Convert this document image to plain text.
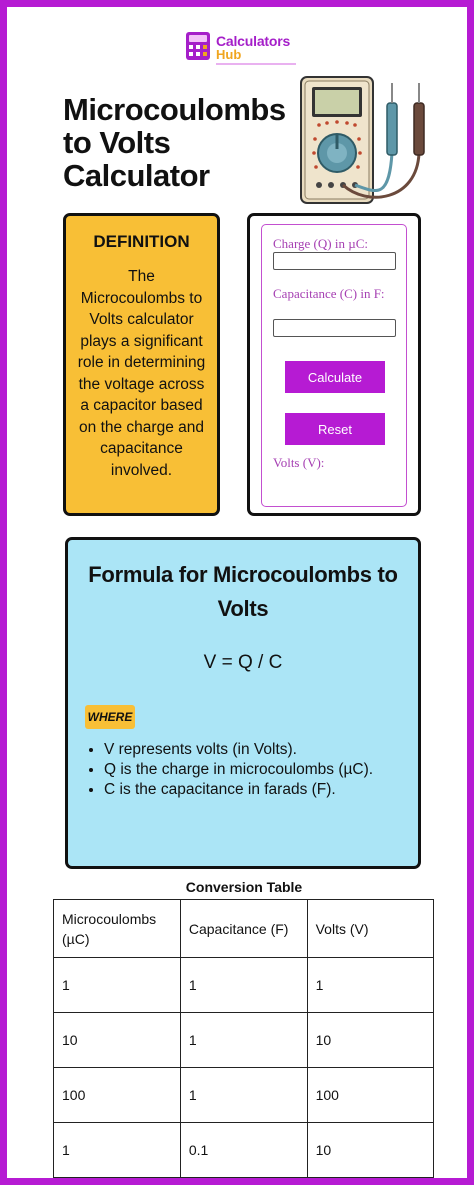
Calculators
Hub
Microcoulombs to Volts Calculator
DEFINITION
The Microcoulombs to Volts calculator plays a significant role in determining the voltage across a capacitor based on the charge and capacitance involved.
Charge (Q) in µC:
Capacitance (C) in F:
Calculate
Reset
Volts (V):
Formula for Microcoulombs to Volts
V = Q / C
WHERE
• V represents volts (in Volts).
• Q is the charge in microcoulombs (µC).
• C is the capacitance in farads (F).
Conversion Table
Microcoulombs (µC)	Capacitance (F)	Volts (V)
1	1	1
10	1	10
100	1	100
1	0.1	10
